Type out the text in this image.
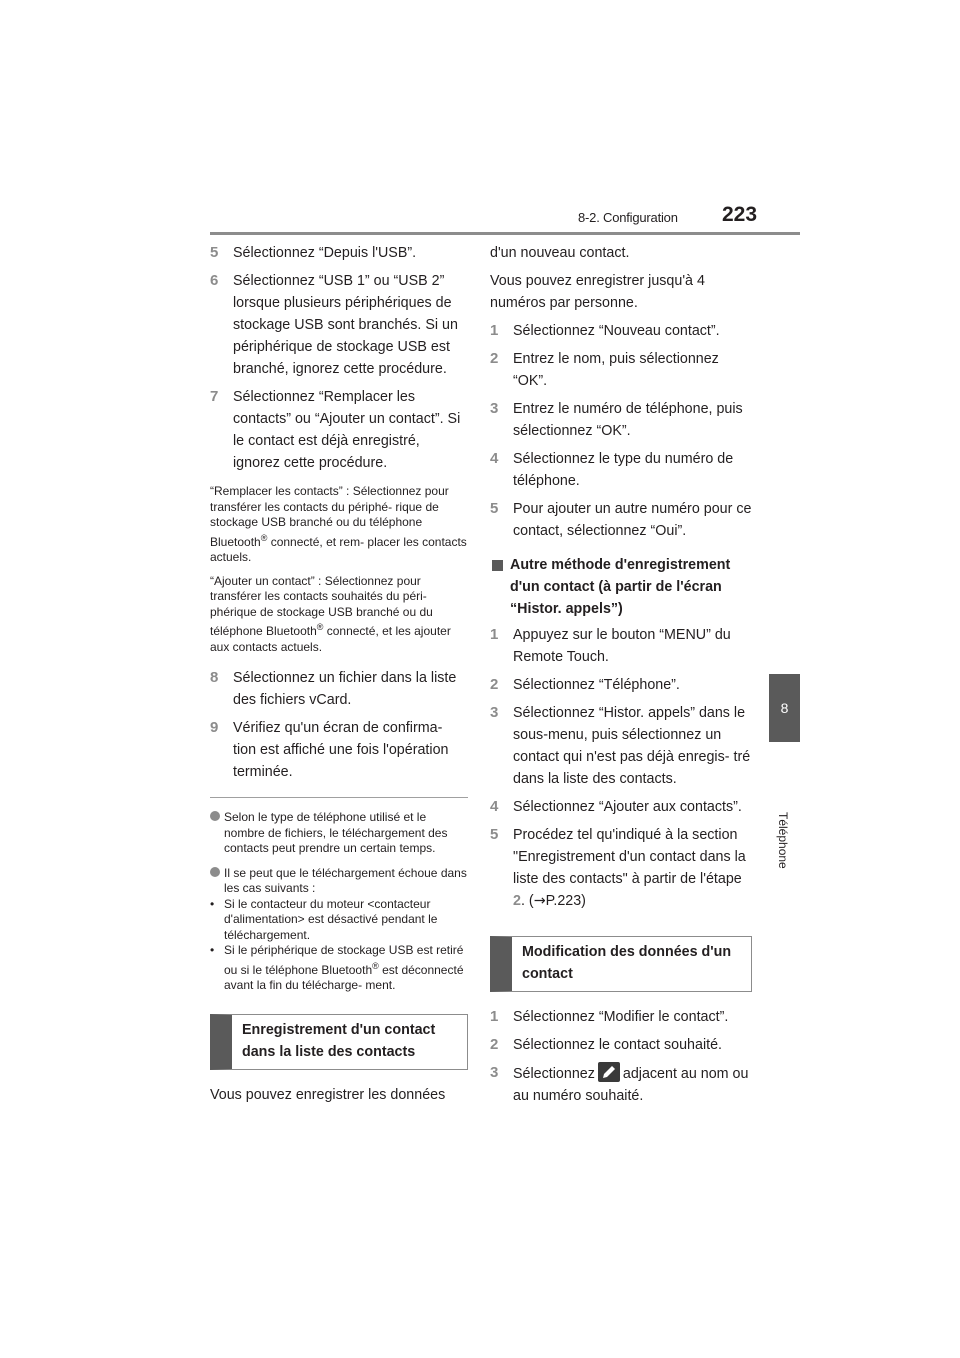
8-2. Configuration 223
8
Téléphone
5 Sélectionnez “Depuis l'USB”.
6 Sélectionnez “USB 1” ou “USB 2” lorsque plusieurs périphériques de stockage USB sont branchés. Si un périphérique de stockage USB est branché, ignorez cette procédure.
7 Sélectionnez “Remplacer les contacts” ou “Ajouter un contact”. Si le contact est déjà enregistré, ignorez cette procédure.
“Remplacer les contacts” : Sélectionnez pour transférer les contacts du périphé- rique de stockage USB branché ou du téléphone Bluetooth® connecté, et rem- placer les contacts actuels.
“Ajouter un contact” : Sélectionnez pour transférer les contacts souhaités du péri- phérique de stockage USB branché ou du téléphone Bluetooth® connecté, et les ajouter aux contacts actuels.
8 Sélectionnez un fichier dans la liste des fichiers vCard.
9 Vérifiez qu'un écran de confirma- tion est affiché une fois l'opération terminée.
Selon le type de téléphone utilisé et le nombre de fichiers, le téléchargement des contacts peut prendre un certain temps.
Il se peut que le téléchargement échoue dans les cas suivants :
• Si le contacteur du moteur <contacteur d'alimentation> est désactivé pendant le téléchargement.
• Si le périphérique de stockage USB est retiré ou si le téléphone Bluetooth® est déconnecté avant la fin du télécharge- ment.
Enregistrement d'un contact dans la liste des contacts
Vous pouvez enregistrer les données
d'un nouveau contact.
Vous pouvez enregistrer jusqu'à 4 numéros par personne.
1 Sélectionnez “Nouveau contact”.
2 Entrez le nom, puis sélectionnez “OK”.
3 Entrez le numéro de téléphone, puis sélectionnez “OK”.
4 Sélectionnez le type du numéro de téléphone.
5 Pour ajouter un autre numéro pour ce contact, sélectionnez “Oui”.
Autre méthode d'enregistrement d'un contact (à partir de l'écran “Histor. appels”)
1 Appuyez sur le bouton “MENU” du Remote Touch.
2 Sélectionnez “Téléphone”.
3 Sélectionnez “Histor. appels” dans le sous-menu, puis sélectionnez un contact qui n'est pas déjà enregis- tré dans la liste des contacts.
4 Sélectionnez “Ajouter aux contacts”.
5 Procédez tel qu'indiqué à la section "Enregistrement d'un contact dans la liste des contacts" à partir de l'étape 2. (→P.223)
Modification des données d'un contact
1 Sélectionnez “Modifier le contact”.
2 Sélectionnez le contact souhaité.
3 Sélectionnez adjacent au nom ou au numéro souhaité.
